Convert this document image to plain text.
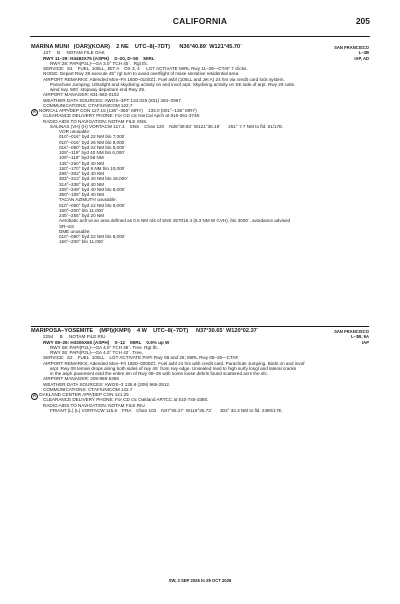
CALIFORNIA	205
SAN FRANCISCO
L–3B
IAP, AD
MARINA MUNI   (OAR)(KOAR)    2 NE    UTC–8(–7DT)      N36°40.89´ W121°45.70´
137     B     NOTAM FILE OAK
RWY 11–29: H3483X75 (ASPH)    S–20, D–50    MIRL
RWY 29: PAPI(P2L)—GA 3.0° TCH 45´.  Rgt tfc.
SERVICE:  S4    FUEL  100LL, JET A    OX 3, 4     LGT ACTIVATE MIRL Rwy 11–29—CTAF 7 clicks.
NOISE: Depart Rwy 29 execute 45° rgt turn to avoid overflight of noise sensitive residential area.
AIRPORT REMARKS: Attended Mon–Fri 1600–0100Z‡. Fuel avbl (100LL and Jet A) 24 hrs via credit card lock system.
Parachute Jumping. Ultralight and skydiving activity on and invof arpt. Skydiving activity on SE side of arpt. Rwy 29 calm
wind rwy. 500´ stopway departure end Rwy 29.
AIRPORT MANAGER: 831-582-0102
WEATHER DATA SOURCES: AWOS–3PT 134.025 (831) 384–2967.
COMMUNICATIONS: CTAF/UNICOM 122.7
R NORCAL APP/DEP CON 127.15 (136°–360° MRY)    133.0 (001°–135° MRY)
CLEARANCE DELIVERY PHONE: For CD ctc NorCal Apch at 916-361-3748.
RADIO AIDS TO NAVIGATION: NOTAM FILE SNS.
SALINAS (VH) (H) VORTACW 117.3    SNS    Chan 120    N36°39.83´ W121°36.19´      261° 7.7 NM to fld. 81/17E.
VOR unusable:
010°–016° byd 22 NM blo 7,000´
010°–016° byd 26 NM blo 8,000´
016°–080° byd 22 NM blo 8,000´
109°–119° byd 40 NM blo 6,000´
109°–119° byd 58 NM
135°–250° byd 40 NM
150°–170° byd 8 NM blo 10,000´
295°–302° byd 40 NM
303°–313° byd 40 NM blo 18,000´
314°–338° byd 40 NM
339°–349° byd 40 NM blo 8,000´
350°–108° byd 40 NM
TACAN AZIMUTH unusable:
010°–080° byd 22 NM blo 8,000´
150°–200° blo 11,000´
245°–255° byd 20 NM
Aerobatic acft wi an area defined as 0.5 NM rds of SNS 357016.4 (5.3 NM W CVH), blo 3000´, avoidance advised
SR–SS
DME unusable:
010°–080° byd 22 NM blo 8,000´
150°–200° blo 11,000´
SAN FRANCISCO
L–3B, 9A
IAP
MARIPOSA–YOSEMITE    (MPI)(KMPI)    4 W    UTC–8(–7DT)     N37°30.65´ W120°02.37´
2254     B     NOTAM FILE RIU
RWY 08–26: H3305X60 (ASPH)    S–12    MIRL    0.9% up W
RWY 08: PAPI(P2L)—GA 4.0° TCH 36´. Tree. Rgt tfc.
RWY 26: PAPI(P2L)—GA 4.0° TCH 42´. Tree.
SERVICE:  S2    FUEL  100LL    LGT ACTIVATE PAPI Rwy 08 and 26; MIRL Rwy 08–26—CTAF.
AIRPORT REMARKS: Attended Mon–Fri 1600–0000Z‡. Fuel avbl 24 hrs with credit card. Parachute Jumping. Birds on and invof
arpt. Rwy 08 terrain drops along both sides of rwy 45´ from rwy edge. Unsealed med to high surfy longl and lateral cracks
in the asph pavement extd the entire len of Rwy 08–26 with some loose debris found scattered acrs the sfc.
AIRPORT MANAGER: 209-966-5356
WEATHER DATA SOURCES: AWOS–3 135.6 (209) 966-2912.
COMMUNICATIONS: CTAF/UNICOM 122.7
R OAKLAND CENTER APP/DEP CON 121.25
CLEARANCE DELIVERY PHONE: For CD ctc Oakland ARTCC at 510-745-3380.
RADIO AIDS TO NAVIGATION: NOTAM FILE RIU.
FRIANT (L) (L) VORTACW 115.6    FRA    Chan 103    N37°06.27´ W119°35.73´      302° 32.3 NM to fld. 2380/17E.
SW, 3 SEP 2026 to 29 OCT 2026
